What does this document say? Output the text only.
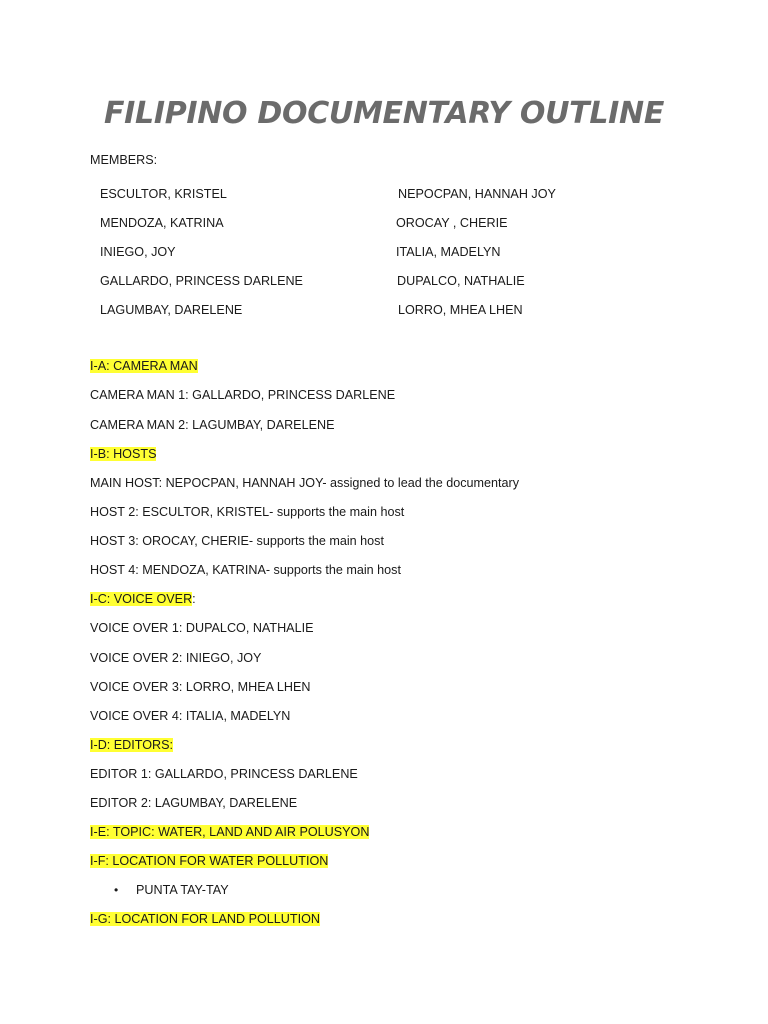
FILIPINO DOCUMENTARY OUTLINE
MEMBERS:
ESCULTOR, KRISTEL
MENDOZA, KATRINA
INIEGO, JOY
GALLARDO, PRINCESS DARLENE
LAGUMBAY, DARELENE
NEPOCPAN, HANNAH JOY
OROCAY , CHERIE
ITALIA, MADELYN
DUPALCO, NATHALIE
LORRO, MHEA LHEN
I-A: CAMERA MAN
CAMERA MAN 1: GALLARDO, PRINCESS DARLENE
CAMERA MAN 2: LAGUMBAY, DARELENE
I-B: HOSTS
MAIN HOST: NEPOCPAN, HANNAH JOY- assigned to lead the documentary
HOST 2: ESCULTOR, KRISTEL- supports the main host
HOST 3: OROCAY, CHERIE- supports the main host
HOST 4: MENDOZA, KATRINA- supports the main host
I-C: VOICE OVER:
VOICE OVER 1: DUPALCO, NATHALIE
VOICE OVER 2: INIEGO, JOY
VOICE OVER 3: LORRO, MHEA LHEN
VOICE OVER 4: ITALIA, MADELYN
I-D: EDITORS:
EDITOR 1: GALLARDO, PRINCESS DARLENE
EDITOR 2: LAGUMBAY, DARELENE
I-E: TOPIC: WATER, LAND AND AIR POLUSYON
I-F: LOCATION FOR WATER POLLUTION
• PUNTA TAY-TAY
I-G: LOCATION FOR LAND POLLUTION
